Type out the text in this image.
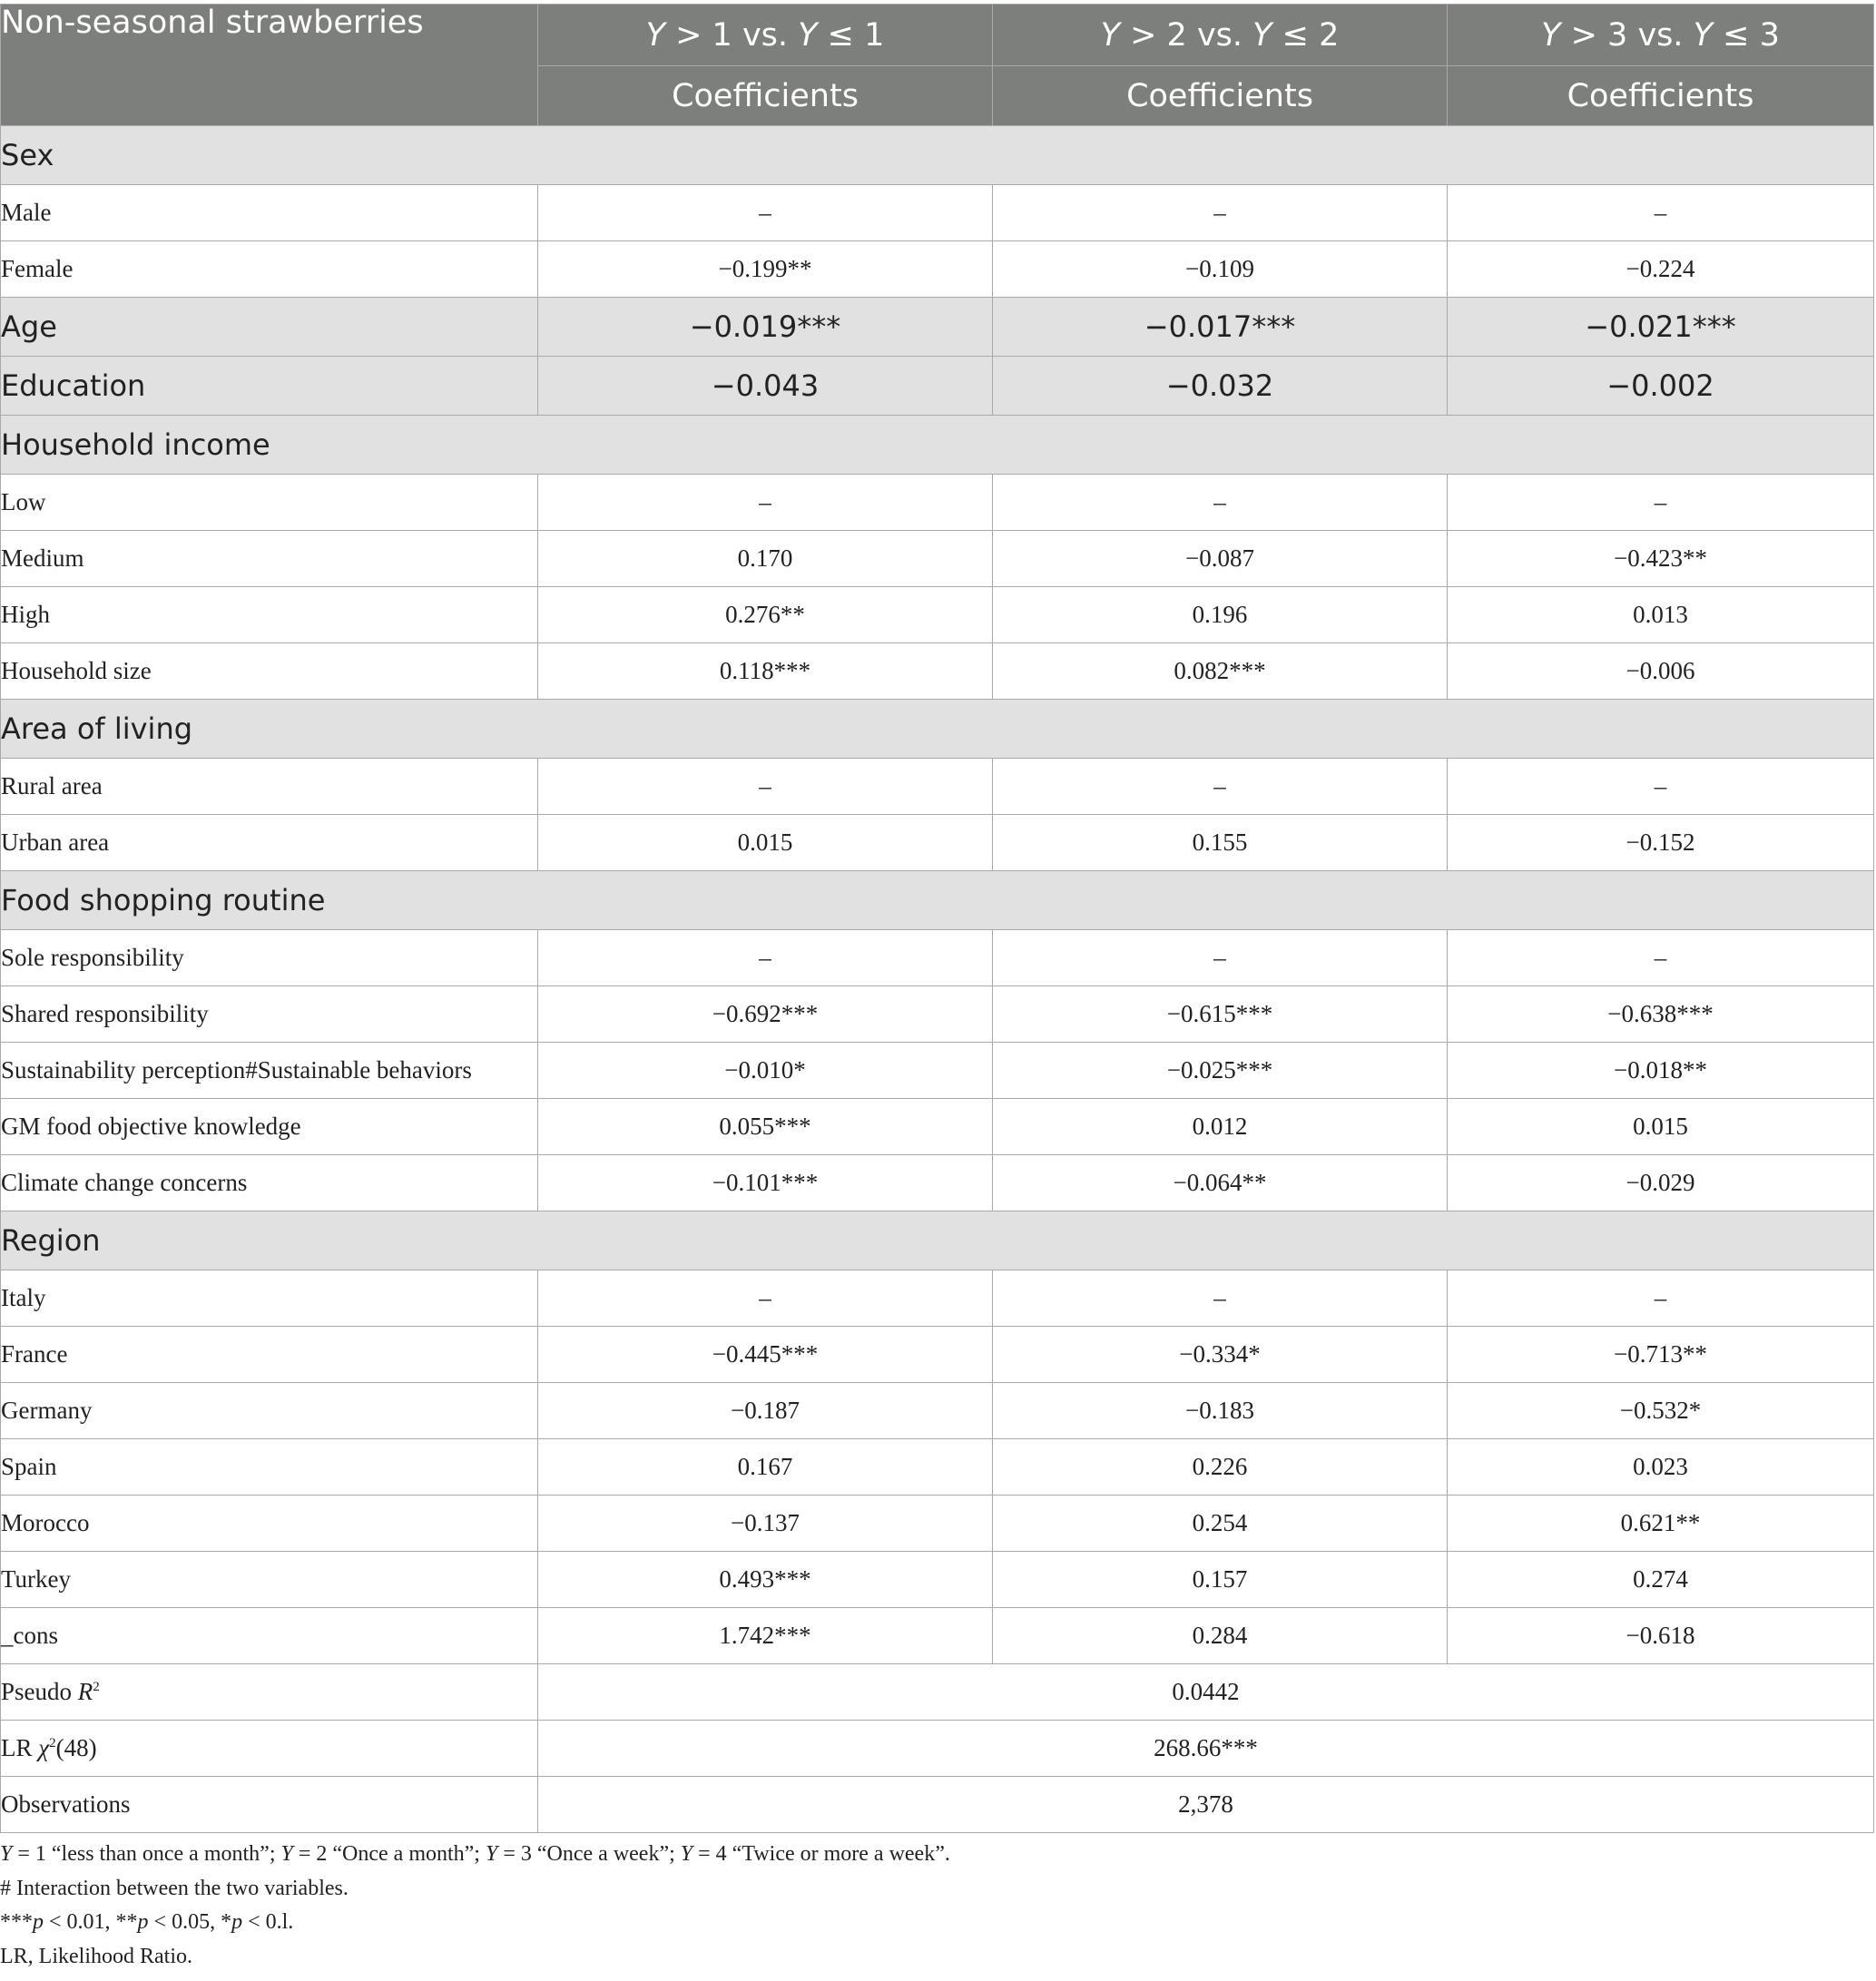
Non-seasonal strawberries	Y > 1 vs. Y ≤ 1	Y > 2 vs. Y ≤ 2	Y > 3 vs. Y ≤ 3
	Coefficients	Coefficients	Coefficients
Sex			
Male	–	–	–
Female	−0.199**	−0.109	−0.224
Age	−0.019***	−0.017***	−0.021***
Education	−0.043	−0.032	−0.002
Household income			
Low	–	–	–
Medium	0.170	−0.087	−0.423**
High	0.276**	0.196	0.013
Household size	0.118***	0.082***	−0.006
Area of living			
Rural area	–	–	–
Urban area	0.015	0.155	−0.152
Food shopping routine			
Sole responsibility	–	–	–
Shared responsibility	−0.692***	−0.615***	−0.638***
Sustainability perception#Sustainable behaviors	−0.010*	−0.025***	−0.018**
GM food objective knowledge	0.055***	0.012	0.015
Climate change concerns	−0.101***	−0.064**	−0.029
Region			
Italy	–	–	–
France	−0.445***	−0.334*	−0.713**
Germany	−0.187	−0.183	−0.532*
Spain	0.167	0.226	0.023
Morocco	−0.137	0.254	0.621**
Turkey	0.493***	0.157	0.274
_cons	1.742***	0.284	−0.618
Pseudo $R^2$	0.0442		
LR $\chi^2(48)$	268.66***		
Observations	2,378		
Y = 1 “less than once a month”; Y = 2 “Once a month”; Y = 3 “Once a week”; Y = 4 “Twice or more a week”.
# Interaction between the two variables.
***p < 0.01, **p < 0.05, *p < 0.l.
LR, Likelihood Ratio.
